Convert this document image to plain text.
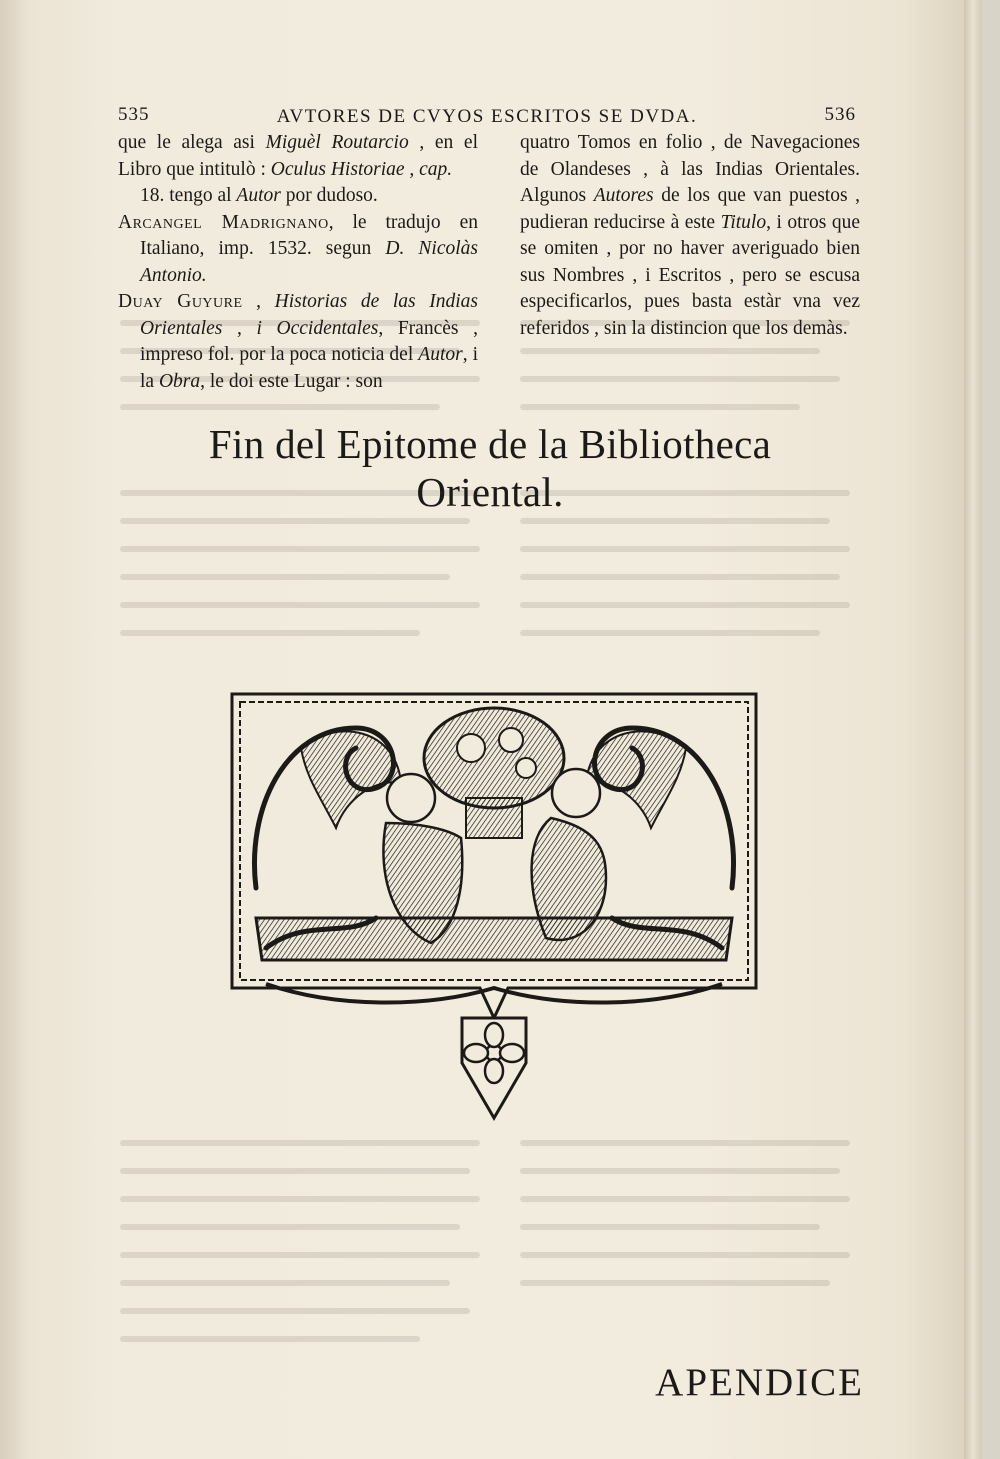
535	AVTORES DE CVYOS ESCRITOS SE DVDA.	536

que le alega asi Miguèl Routarcio , en el Libro que intitulò : Oculus Historiae , cap.
18. tengo al Autor por dudoso.

Arcangel Madrignano, le tradujo en Italiano, imp. 1532. segun D. Nicolàs Antonio.

Duay Guyure , Historias de las Indias Orientales , i Occidentales, Francès , impreso fol. por la poca noticia del Autor, i la Obra, le doi este Lugar : son

quatro Tomos en folio , de Navegaciones de Olandeses , à las Indias Orientales. Algunos Autores de los que van puestos , pudieran reducirse à este Titulo, i otros que se omiten , por no haver averiguado bien sus Nombres , i Escritos , pero se escusa especificarlos, pues basta estàr vna vez referidos , sin la distincion que los demàs.

Fin del Epitome de la Bibliotheca Oriental.
APENDICE
